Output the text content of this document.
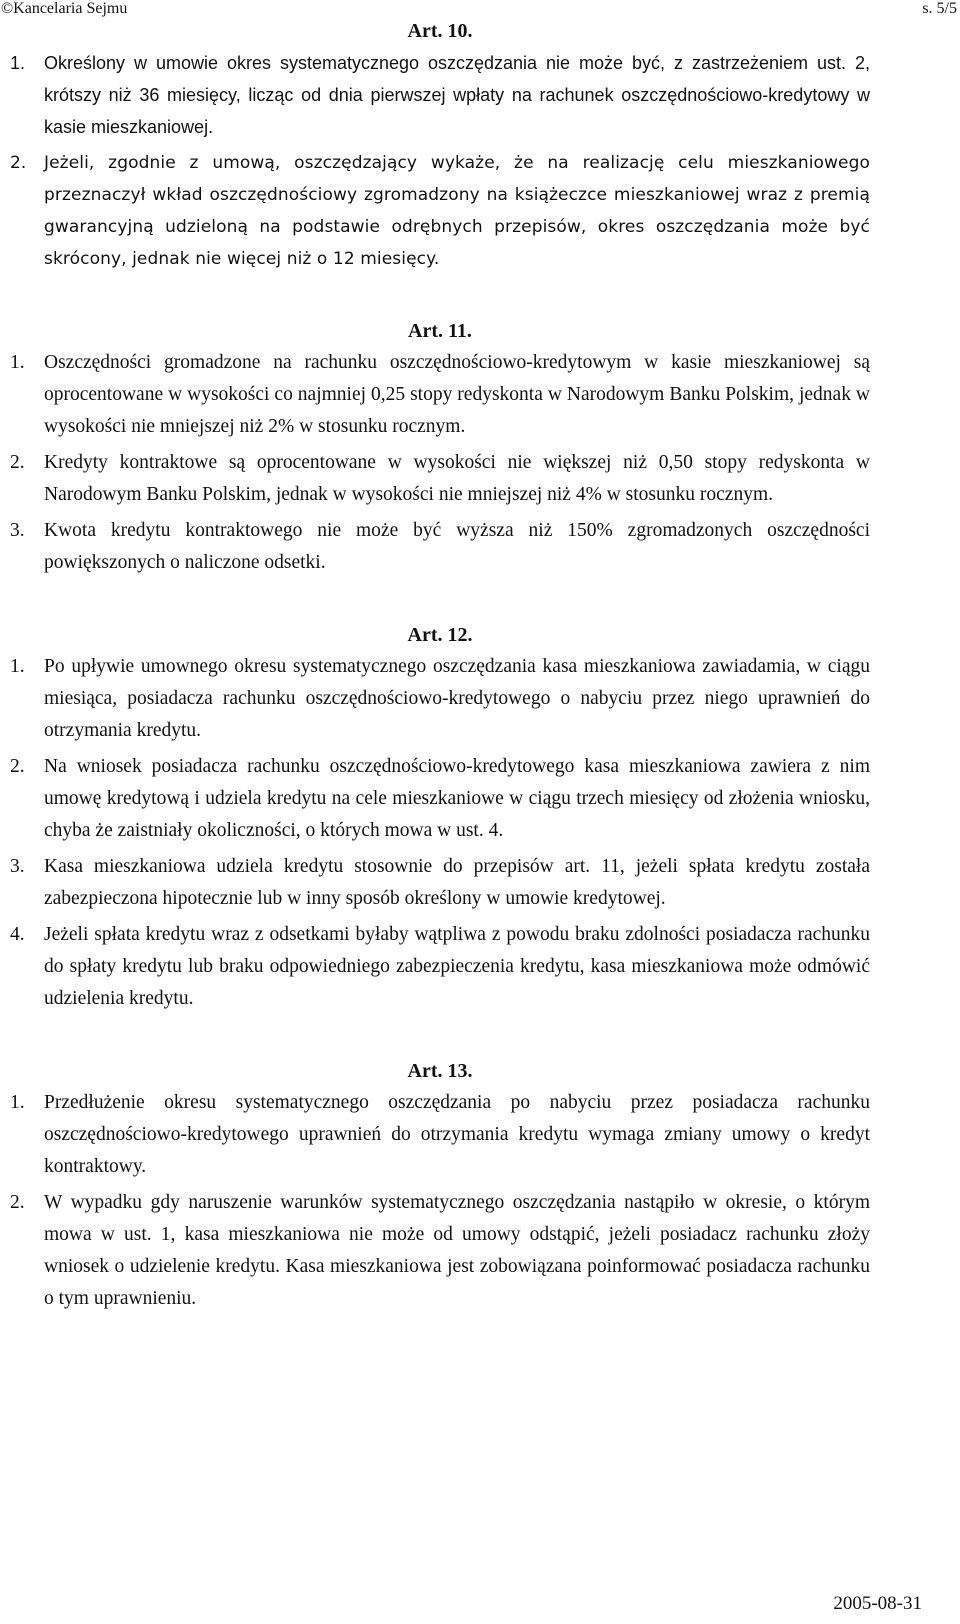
©Kancelaria Sejmu	s. 5/5

Art. 10.

1. Określony w umowie okres systematycznego oszczędzania nie może być, z zastrzeżeniem ust. 2, krótszy niż 36 miesięcy, licząc od dnia pierwszej wpłaty na rachunek oszczędnościowo-kredytowy w kasie mieszkaniowej.
2. Jeżeli, zgodnie z umową, oszczędzający wykaże, że na realizację celu mieszkaniowego przeznaczył wkład oszczędnościowy zgromadzony na książeczce mieszkaniowej wraz z premią gwarancyjną udzieloną na podstawie odrębnych przepisów, okres oszczędzania może być skrócony, jednak nie więcej niż o 12 miesięcy.

Art. 11.

1. Oszczędności gromadzone na rachunku oszczędnościowo-kredytowym w kasie mieszkaniowej są oprocentowane w wysokości co najmniej 0,25 stopy redyskonta w Narodowym Banku Polskim, jednak w wysokości nie mniejszej niż 2% w stosunku rocznym.
2. Kredyty kontraktowe są oprocentowane w wysokości nie większej niż 0,50 stopy redyskonta w Narodowym Banku Polskim, jednak w wysokości nie mniejszej niż 4% w stosunku rocznym.
3. Kwota kredytu kontraktowego nie może być wyższa niż 150% zgromadzonych oszczędności powiększonych o naliczone odsetki.

Art. 12.

1. Po upływie umownego okresu systematycznego oszczędzania kasa mieszkaniowa zawiadamia, w ciągu miesiąca, posiadacza rachunku oszczędnościowo-kredytowego o nabyciu przez niego uprawnień do otrzymania kredytu.
2. Na wniosek posiadacza rachunku oszczędnościowo-kredytowego kasa mieszkaniowa zawiera z nim umowę kredytową i udziela kredytu na cele mieszkaniowe w ciągu trzech miesięcy od złożenia wniosku, chyba że zaistniały okoliczności, o których mowa w ust. 4.
3. Kasa mieszkaniowa udziela kredytu stosownie do przepisów art. 11, jeżeli spłata kredytu została zabezpieczona hipotecznie lub w inny sposób określony w umowie kredytowej.
4. Jeżeli spłata kredytu wraz z odsetkami byłaby wątpliwa z powodu braku zdolności posiadacza rachunku do spłaty kredytu lub braku odpowiedniego zabezpieczenia kredytu, kasa mieszkaniowa może odmówić udzielenia kredytu.

Art. 13.

1. Przedłużenie okresu systematycznego oszczędzania po nabyciu przez posiadacza rachunku oszczędnościowo-kredytowego uprawnień do otrzymania kredytu wymaga zmiany umowy o kredyt kontraktowy.
2. W wypadku gdy naruszenie warunków systematycznego oszczędzania nastąpiło w okresie, o którym mowa w ust. 1, kasa mieszkaniowa nie może od umowy odstąpić, jeżeli posiadacz rachunku złoży wniosek o udzielenie kredytu. Kasa mieszkaniowa jest zobowiązana poinformować posiadacza rachunku o tym uprawnieniu.
2005-08-31
